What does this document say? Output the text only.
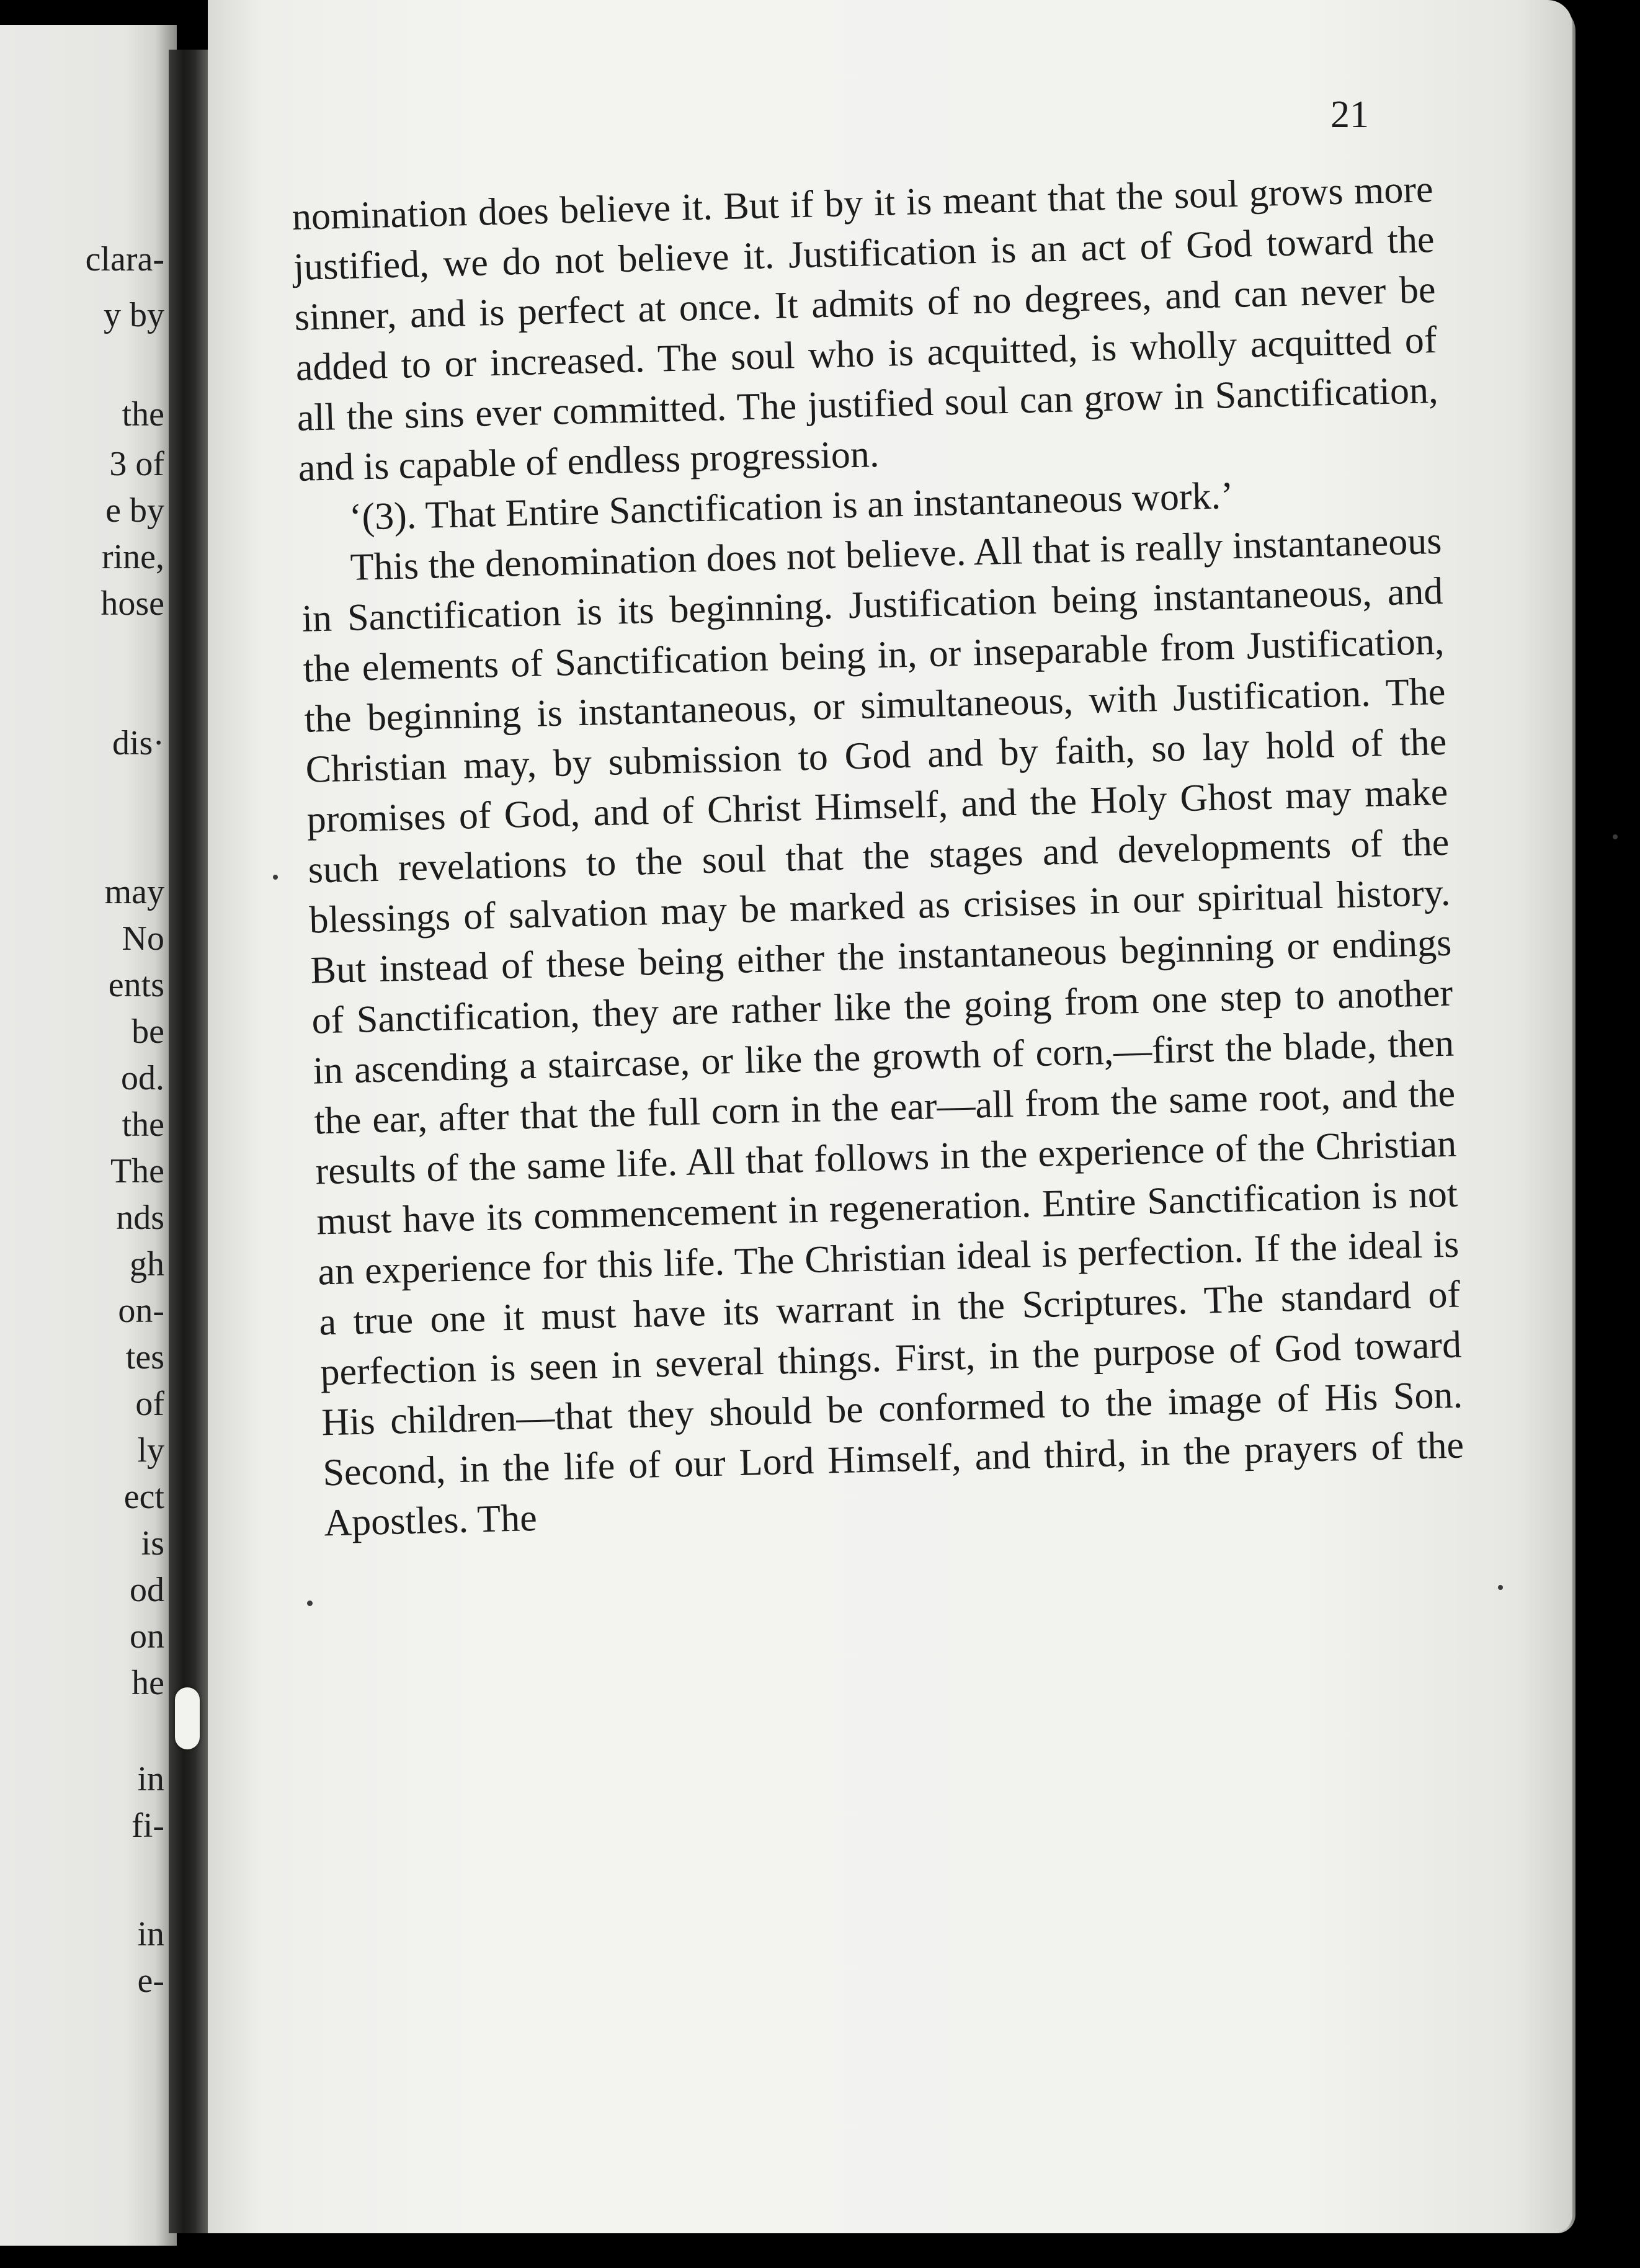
clara-
y by
the
3 of
e by
rine,
hose
dis·
may
No
ents
be
od.
the
The
nds
gh
on-
tes
of
ly
ect
is
od
on
he
in
fi-
in
e-
21

nomination does believe it. But if by it is meant that the soul grows more justified, we do not believe it. Justification is an act of God toward the sinner, and is perfect at once. It admits of no degrees, and can never be added to or increased. The soul who is acquitted, is wholly acquitted of all the sins ever committed. The justified soul can grow in Sanctification, and is capable of endless progression.

‘(3). That Entire Sanctification is an instantaneous work.’

This the denomination does not believe. All that is really instantaneous in Sanctification is its beginning. Justification being instantaneous, and the elements of Sanctification being in, or inseparable from Justification, the beginning is instantaneous, or simultaneous, with Justification. The Christian may, by submission to God and by faith, so lay hold of the promises of God, and of Christ Himself, and the Holy Ghost may make such revelations to the soul that the stages and developments of the blessings of salvation may be marked as crisises in our spiritual history. But instead of these being either the instantaneous beginning or endings of Sanctification, they are rather like the going from one step to another in ascending a staircase, or like the growth of corn,—first the blade, then the ear, after that the full corn in the ear—all from the same root, and the results of the same life. All that follows in the experience of the Christian must have its commencement in regeneration. Entire Sanctification is not an experience for this life. The Christian ideal is perfection. If the ideal is a true one it must have its warrant in the Scriptures. The standard of perfection is seen in several things. First, in the purpose of God toward His children—that they should be conformed to the image of His Son. Second, in the life of our Lord Himself, and third, in the prayers of the Apostles. The
